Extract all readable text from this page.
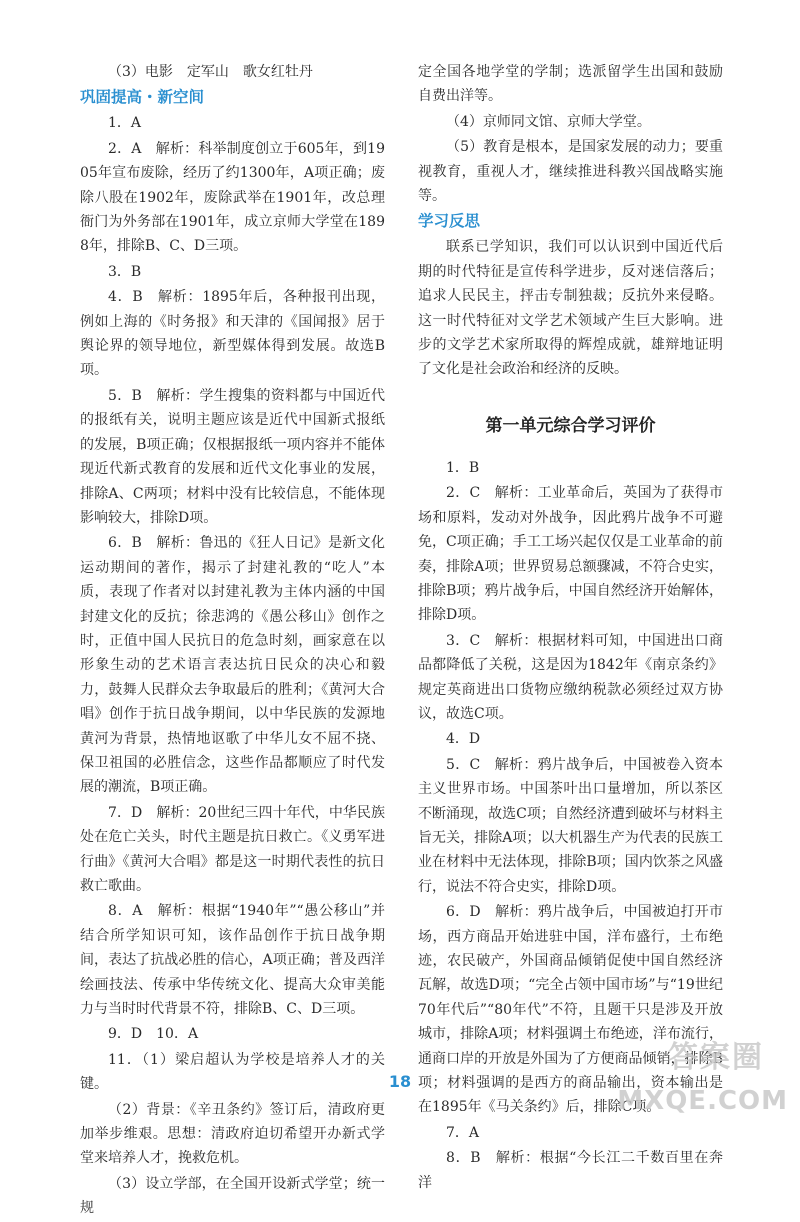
（3）电影　定军山　歌女红牡丹

巩固提高・新空间

1．A

2．A　解析：科举制度创立于605年，到1905年宣布废除，经历了约1300年，A项正确；废除八股在1902年，废除武举在1901年，改总理衙门为外务部在1901年，成立京师大学堂在1898年，排除B、C、D三项。

3．B

4．B　解析：1895年后，各种报刊出现，例如上海的《时务报》和天津的《国闻报》居于舆论界的领导地位，新型媒体得到发展。故选B项。

5．B　解析：学生搜集的资料都与中国近代的报纸有关，说明主题应该是近代中国新式报纸的发展，B项正确；仅根据报纸一项内容并不能体现近代新式教育的发展和近代文化事业的发展，排除A、C两项；材料中没有比较信息，不能体现影响较大，排除D项。

6．B　解析：鲁迅的《狂人日记》是新文化运动期间的著作，揭示了封建礼教的“吃人”本质，表现了作者对以封建礼教为主体内涵的中国封建文化的反抗；徐悲鸿的《愚公移山》创作之时，正值中国人民抗日的危急时刻，画家意在以形象生动的艺术语言表达抗日民众的决心和毅力，鼓舞人民群众去争取最后的胜利；《黄河大合唱》创作于抗日战争期间，以中华民族的发源地黄河为背景，热情地讴歌了中华儿女不屈不挠、保卫祖国的必胜信念，这些作品都顺应了时代发展的潮流，B项正确。

7．D　解析：20世纪三四十年代，中华民族处在危亡关头，时代主题是抗日救亡。《义勇军进行曲》《黄河大合唱》都是这一时期代表性的抗日救亡歌曲。

8．A　解析：根据“1940年”“愚公移山”并结合所学知识可知，该作品创作于抗日战争期间，表达了抗战必胜的信心，A项正确；普及西洋绘画技法、传承中华传统文化、提高大众审美能力与当时时代背景不符，排除B、C、D三项。

9．D　10．A

11．（1）梁启超认为学校是培养人才的关键。

（2）背景：《辛丑条约》签订后，清政府更加举步维艰。思想：清政府迫切希望开办新式学堂来培养人才，挽救危机。

（3）设立学部，在全国开设新式学堂；统一规

定全国各地学堂的学制；选派留学生出国和鼓励自费出洋等。

（4）京师同文馆、京师大学堂。

（5）教育是根本，是国家发展的动力；要重视教育，重视人才，继续推进科教兴国战略实施等。

学习反思

联系已学知识，我们可以认识到中国近代后期的时代特征是宣传科学进步，反对迷信落后；追求人民民主，抨击专制独裁；反抗外来侵略。这一时代特征对文学艺术领域产生巨大影响。进步的文学艺术家所取得的辉煌成就，雄辩地证明了文化是社会政治和经济的反映。

第一单元综合学习评价

1．B

2．C　解析：工业革命后，英国为了获得市场和原料，发动对外战争，因此鸦片战争不可避免，C项正确；手工工场兴起仅仅是工业革命的前奏，排除A项；世界贸易总额骤减，不符合史实，排除B项；鸦片战争后，中国自然经济开始解体，排除D项。

3．C　解析：根据材料可知，中国进出口商品都降低了关税，这是因为1842年《南京条约》规定英商进出口货物应缴纳税款必须经过双方协议，故选C项。

4．D

5．C　解析：鸦片战争后，中国被卷入资本主义世界市场。中国茶叶出口量增加，所以茶区不断涌现，故选C项；自然经济遭到破坏与材料主旨无关，排除A项；以大机器生产为代表的民族工业在材料中无法体现，排除B项；国内饮茶之风盛行，说法不符合史实，排除D项。

6．D　解析：鸦片战争后，中国被迫打开市场，西方商品开始进驻中国，洋布盛行，土布绝迹，农民破产，外国商品倾销促使中国自然经济瓦解，故选D项；“完全占领中国市场”与“19世纪70年代后”“80年代”不符，且题干只是涉及开放城市，排除A项；材料强调土布绝迹，洋布流行，通商口岸的开放是外国为了方便商品倾销，排除B项；材料强调的是西方的商品输出，资本输出是在1895年《马关条约》后，排除C项。

7．A

8．B　解析：根据“今长江二千数百里在奔洋

18
答案圈
MXQE.COM
